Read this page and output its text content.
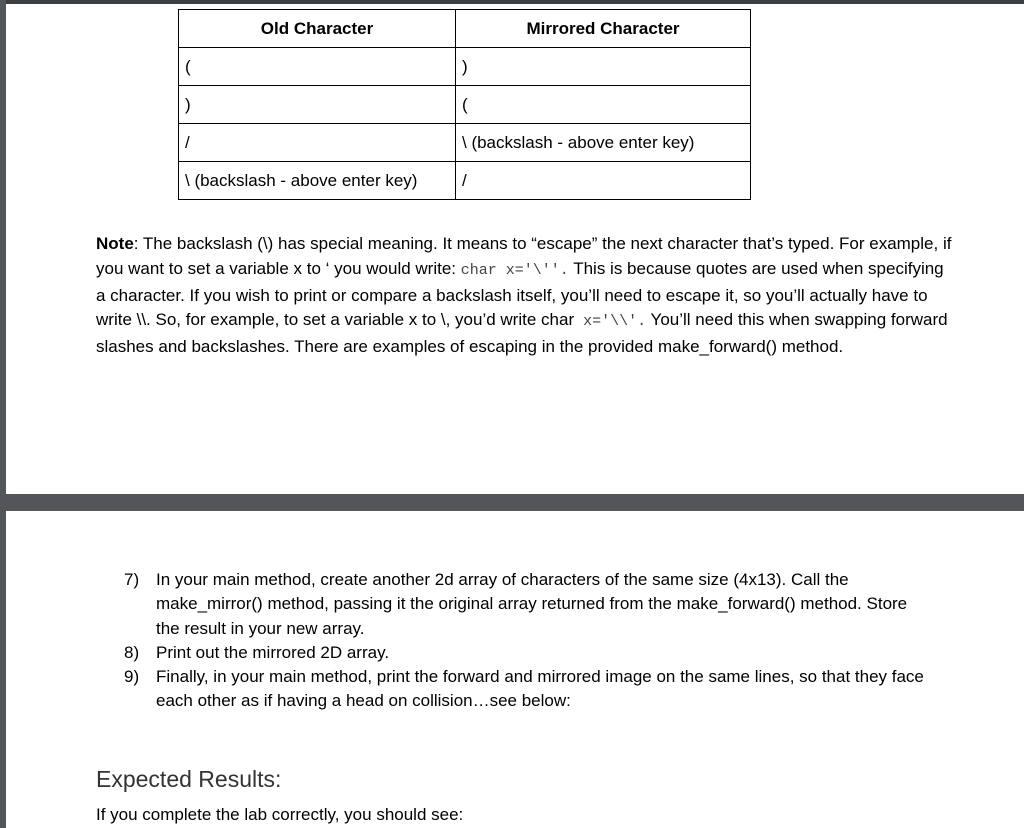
Old Character	Mirrored Character
(	)
)	(
/	\ (backslash - above enter key)
\ (backslash - above enter key)	/
Note: The backslash (\) has special meaning. It means to “escape” the next character that’s typed. For example, if you want to set a variable x to ‘ you would write: char x='\''. This is because quotes are used when specifying a character. If you wish to print or compare a backslash itself, you’ll need to escape it, so you’ll actually have to write \\. So, for example, to set a variable x to \, you’d write char x='\\'. You’ll need this when swapping forward slashes and backslashes. There are examples of escaping in the provided make_forward() method.
7) In your main method, create another 2d array of characters of the same size (4x13). Call the make_mirror() method, passing it the original array returned from the make_forward() method. Store the result in your new array.
8) Print out the mirrored 2D array.
9) Finally, in your main method, print the forward and mirrored image on the same lines, so that they face each other as if having a head on collision…see below:
Expected Results:
If you complete the lab correctly, you should see:
